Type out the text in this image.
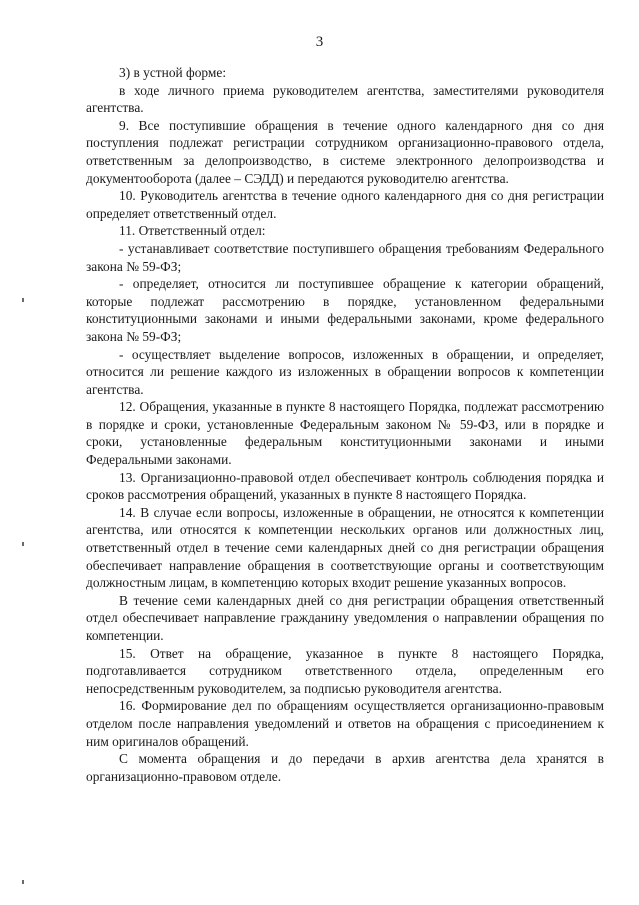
3

3) в устной форме:

в ходе личного приема руководителем агентства, заместителями руководителя агентства.

9. Все поступившие обращения в течение одного календарного дня со дня поступления подлежат регистрации сотрудником организационно-правового отдела, ответственным за делопроизводство, в системе электронного делопроизводства и документооборота (далее – СЭДД) и передаются руководителю агентства.

10. Руководитель агентства в течение одного календарного дня со дня регистрации определяет ответственный отдел.

11. Ответственный отдел:

- устанавливает соответствие поступившего обращения требованиям Федерального закона № 59-ФЗ;

- определяет, относится ли поступившее обращение к категории обращений, которые подлежат рассмотрению в порядке, установленном федеральными конституционными законами и иными федеральными законами, кроме федерального закона № 59-ФЗ;

- осуществляет выделение вопросов, изложенных в обращении, и определяет, относится ли решение каждого из изложенных в обращении вопросов к компетенции агентства.

12. Обращения, указанные в пункте 8 настоящего Порядка, подлежат рассмотрению в порядке и сроки, установленные Федеральным законом № 59-ФЗ, или в порядке и сроки, установленные федеральным конституционными законами и иными Федеральными законами.

13. Организационно-правовой отдел обеспечивает контроль соблюдения порядка и сроков рассмотрения обращений, указанных в пункте 8 настоящего Порядка.

14. В случае если вопросы, изложенные в обращении, не относятся к компетенции агентства, или относятся к компетенции нескольких органов или должностных лиц, ответственный отдел в течение семи календарных дней со дня регистрации обращения обеспечивает направление обращения в соответствующие органы и соответствующим должностным лицам, в компетенцию которых входит решение указанных вопросов.

В течение семи календарных дней со дня регистрации обращения ответственный отдел обеспечивает направление гражданину уведомления о направлении обращения по компетенции.

15. Ответ на обращение, указанное в пункте 8 настоящего Порядка, подготавливается сотрудником ответственного отдела, определенным его непосредственным руководителем, за подписью руководителя агентства.

16. Формирование дел по обращениям осуществляется организационно-правовым отделом после направления уведомлений и ответов на обращения с присоединением к ним оригиналов обращений.

С момента обращения и до передачи в архив агентства дела хранятся в организационно-правовом отделе.
